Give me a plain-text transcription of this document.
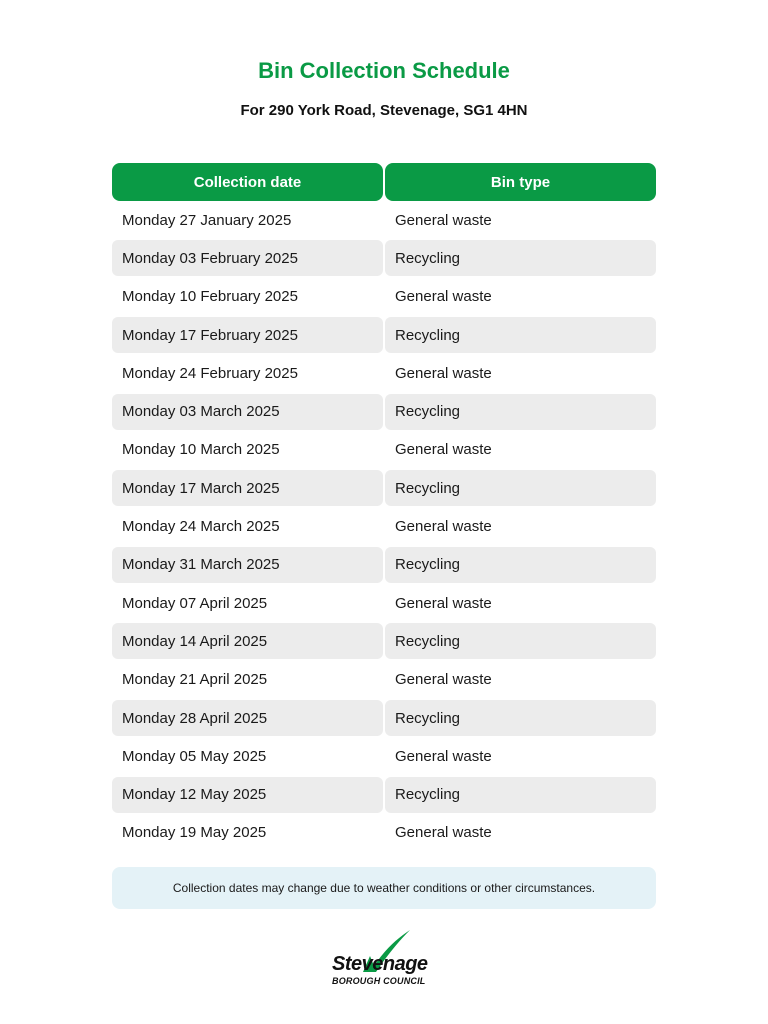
Bin Collection Schedule
For 290 York Road, Stevenage, SG1 4HN
Collection date	Bin type
Monday 27 January 2025	General waste
Monday 03 February 2025	Recycling
Monday 10 February 2025	General waste
Monday 17 February 2025	Recycling
Monday 24 February 2025	General waste
Monday 03 March 2025	Recycling
Monday 10 March 2025	General waste
Monday 17 March 2025	Recycling
Monday 24 March 2025	General waste
Monday 31 March 2025	Recycling
Monday 07 April 2025	General waste
Monday 14 April 2025	Recycling
Monday 21 April 2025	General waste
Monday 28 April 2025	Recycling
Monday 05 May 2025	General waste
Monday 12 May 2025	Recycling
Monday 19 May 2025	General waste
Collection dates may change due to weather conditions or other circumstances.
Stevenage
BOROUGH COUNCIL
